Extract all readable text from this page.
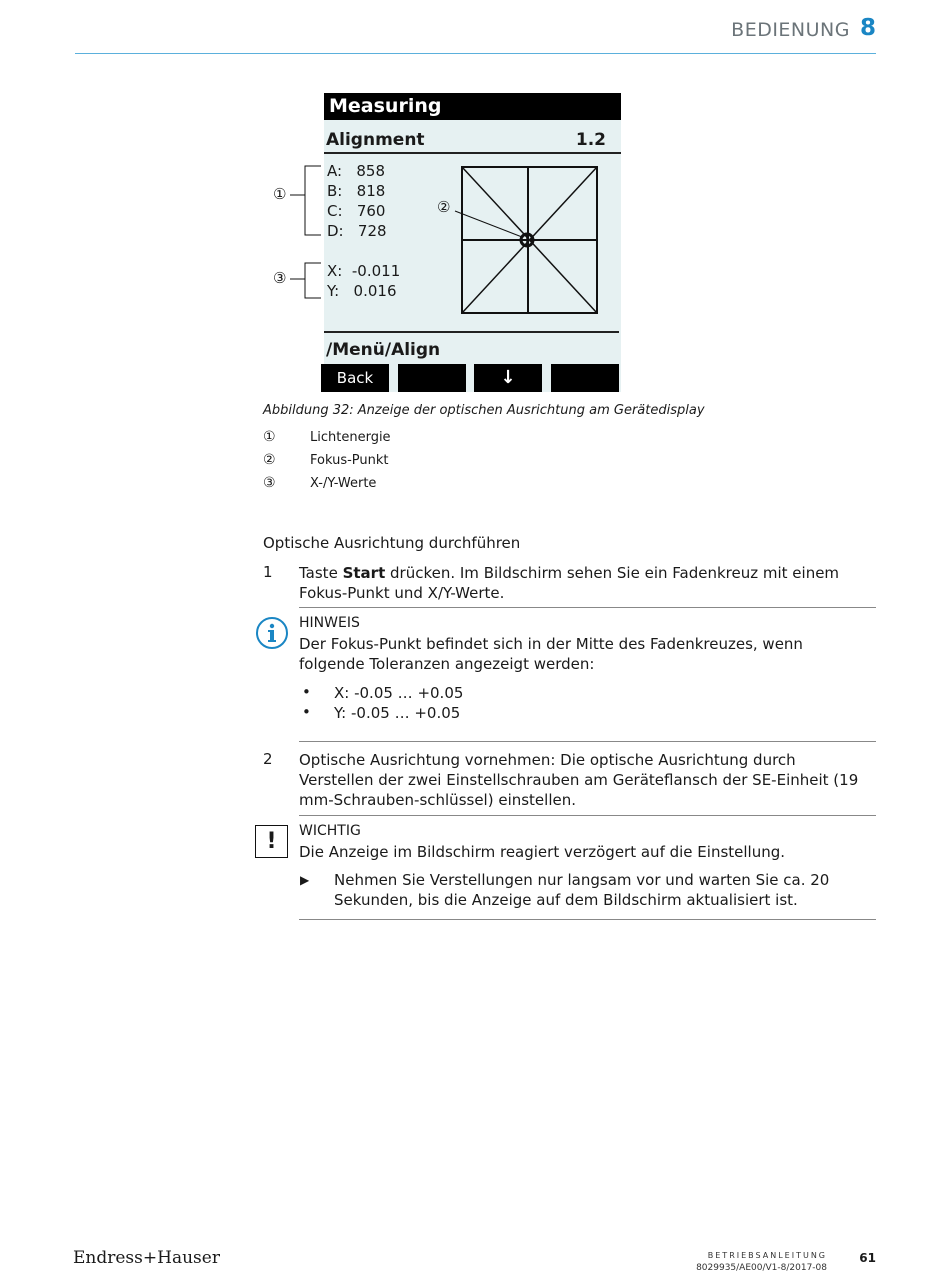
BEDIENUNG 8
Measuring
Alignment	1.2
A: 858
B: 818
C: 760
D: 728
X: -0.011
Y: 0.016
①
②
③
/Menü/Align
Back	↓
Abbildung 32: Anzeige der optischen Ausrichtung am Gerätedisplay
①	Lichtenergie
②	Fokus-Punkt
③	X-/Y-Werte
Optische Ausrichtung durchführen
1 Taste Start drücken. Im Bildschirm sehen Sie ein Fadenkreuz mit einem Fokus-Punkt und X/Y-Werte.
HINWEIS
Der Fokus-Punkt befindet sich in der Mitte des Fadenkreuzes, wenn folgende Toleranzen angezeigt werden:
• X: -0.05 … +0.05
• Y: -0.05 … +0.05
2 Optische Ausrichtung vornehmen: Die optische Ausrichtung durch Verstellen der zwei Einstellschrauben am Geräteflansch der SE-Einheit (19 mm-Schrauben-schlüssel) einstellen.
!	WICHTIG
Die Anzeige im Bildschirm reagiert verzögert auf die Einstellung.
▶ Nehmen Sie Verstellungen nur langsam vor und warten Sie ca. 20 Sekunden, bis die Anzeige auf dem Bildschirm aktualisiert ist.
Endress+Hauser	BETRIEBSANLEITUNG
8029935/AE00/V1-8/2017-08
61
